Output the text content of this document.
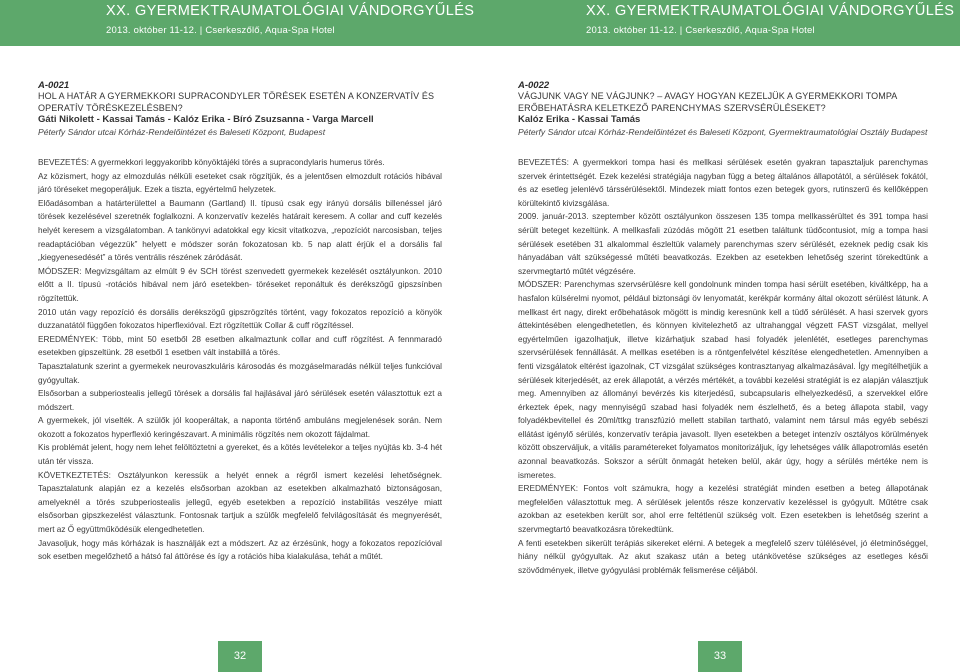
XX. GYERMEKTRAUMATOLÓGIAI VÁNDORGYŰLÉS
2013. október 11-12. | Cserkeszőlő, Aqua-Spa Hotel

A-0021

HOL A HATÁR A GYERMEKKORI SUPRACONDYLER TÖRÉSEK ESETÉN A KONZERVATÍV ÉS OPERATÍV TÖRÉSKEZELÉSBEN?

Gáti Nikolett - Kassai Tamás - Kalóz Erika - Bíró Zsuzsanna - Varga Marcell

Péterfy Sándor utcai Kórház-Rendelőintézet és Baleseti Központ, Budapest

BEVEZETÉS: A gyermekkori leggyakoribb könyöktájéki törés a supracondylaris humerus törés.

Az közismert, hogy az elmozdulás nélküli eseteket csak rögzítjük, és a jelentősen elmozdult rotációs hibával járó töréseket megoperáljuk. Ezek a tiszta, egyértelmű helyzetek.

Előadásomban a határterülettel a Baumann (Gartland) II. típusú csak egy irányú dorsális billenéssel járó törések kezelésével szeretnék foglalkozni. A konzervatív kezelés határait keresem. A collar and cuff kezelés helyét keresem a vizsgálatomban. A tankönyvi adatokkal egy kicsit vitatkozva, „repozíciót narcosisban, teljes readaptációban végezzük” helyett e módszer során fokozatosan kb. 5 nap alatt érjük el a dorsális fal „kiegyenesedését” a törés ventrális részének záródását.

MÓDSZER: Megvizsgáltam az elmúlt 9 év SCH törést szenvedett gyermekek kezelését osztályunkon. 2010 előtt a II. típusú -rotációs hibával nem járó esetekben- töréseket reponáltuk és derékszögű gipszsínben rögzítettük.

2010 után vagy repozíció és dorsális derékszögű gipszrögzítés történt, vagy fokozatos repozíció a könyök duzzanatától függően fokozatos hiperflexióval. Ezt rögzítettük Collar & cuff rögzítéssel.

EREDMÉNYEK: Több, mint 50 esetből 28 esetben alkalmaztunk collar and cuff rögzítést. A fennmaradó esetekben gipszeltünk. 28 esetből 1 esetben vált instabillá a törés.

Tapasztalatunk szerint a gyermekek neurovaszkuláris károsodás és mozgáselmaradás nélkül teljes funkcióval gyógyultak.

Elsősorban a subperiostealis jellegű törések a dorsális fal hajlásával járó sérülések esetén választottuk ezt a módszert.

A gyermekek, jól viselték. A szülők jól kooperáltak, a naponta történő ambuláns megjelenések során. Nem okozott a fokozatos hyperflexió keringészavart. A minimális rögzítés nem okozott fájdalmat.

Kis problémát jelent, hogy nem lehet felöltöztetni a gyereket, és a kötés levételekor a teljes nyújtás kb. 3-4 hét után tér vissza.

KÖVETKEZTETÉS: Osztályunkon keressük a helyét ennek a régről ismert kezelési lehetőségnek. Tapasztalatunk alapján ez a kezelés elsősorban azokban az esetekben alkalmazható biztonságosan, amelyeknél a törés szubperiostealis jellegű, egyéb esetekben a repozíció instabilitás veszélye miatt elsősorban gipszkezelést választunk. Fontosnak tartjuk a szülők megfelelő felvilágosítását és megnyerését, mert az Ő együttműködésük elengedhetetlen.

Javasoljuk, hogy más kórházak is használják ezt a módszert. Az az érzésünk, hogy a fokozatos repozícióval sok esetben megelőzhető a hátsó fal áttörése és így a rotációs hiba kialakulása, tehát a műtét.

32
XX. GYERMEKTRAUMATOLÓGIAI VÁNDORGYŰLÉS
2013. október 11-12. | Cserkeszőlő, Aqua-Spa Hotel

A-0022

VÁGJUNK VAGY NE VÁGJUNK? – AVAGY HOGYAN KEZELJÜK A GYERMEKKORI TOMPA ERŐBEHATÁSRA KELETKEZŐ PARENCHYMAS SZERVSÉRÜLÉSEKET?

Kalóz Erika - Kassai Tamás

Péterfy Sándor utcai Kórház-Rendelőintézet és Baleseti Központ, Gyermektraumatológiai Osztály Budapest

BEVEZETÉS: A gyermekkori tompa hasi és mellkasi sérülések esetén gyakran tapasztaljuk parenchymas szervek érintettségét. Ezek kezelési stratégiája nagyban függ a beteg általános állapotától, a sérülések fokától, és az esetleg jelenlévő társsérülésektől. Mindezek miatt fontos ezen betegek gyors, rutinszerű és kellőképpen körültekintő kivizsgálása.

2009. január-2013. szeptember között osztályunkon összesen 135 tompa mellkassérültet és 391 tompa hasi sérült beteget kezeltünk. A mellkasfali zúzódás mögött 21 esetben találtunk tüdőcontusiot, míg a tompa hasi sérülések esetében 31 alkalommal észleltük valamely parenchymas szerv sérülését, ezeknek pedig csak kis hányadában vált szükségessé műtéti beavatkozás. Ezekben az esetekben lehetőség szerint törekedtünk a szervmegtartó műtét végzésére.

MÓDSZER: Parenchymas szervsérülésre kell gondolnunk minden tompa hasi sérült esetében, kiváltképp, ha a hasfalon külsérelmi nyomot, például biztonsági öv lenyomatát, kerékpár kormány által okozott sérülést látunk. A mellkast ért nagy, direkt erőbehatások mögött is mindig keresnünk kell a tüdő sérülését. A hasi szervek gyors áttekintésében elengedhetetlen, és könnyen kivitelezhető az ultrahanggal végzett FAST vizsgálat, mellyel egyértelműen igazolhatjuk, illetve kizárhatjuk szabad hasi folyadék jelenlétét, esetleges parenchymas szervsérülések fennállását. A mellkas esetében is a röntgenfelvétel készítése elengedhetetlen. Amennyiben a fenti vizsgálatok eltérést igazolnak, CT vizsgálat szükséges kontrasztanyag alkalmazásával. Így megítélhetjük a sérülések kiterjedését, az erek állapotát, a vérzés mértékét, a további kezelési stratégiát is ez alapján választjuk meg. Amennyiben az állományi bevérzés kis kiterjedésű, subcapsularis elhelyezkedésű, a szervekkel előre érkeztek épek, nagy mennyiségű szabad hasi folyadék nem észlelhető, és a beteg állapota stabil, vagy folyadékbevitellel és 20ml/ttkg transzfúzió mellett stabilan tartható, valamint nem társul más egyéb sebészi ellátást igénylő sérülés, konzervatív terápia javasolt. Ilyen esetekben a beteget intenzív osztályos körülmények között obszerváljuk, a vitális paramétereket folyamatos monitorizáljuk, így lehetséges válik állapotromlás esetén azonnal beavatkozás. Sokszor a sérült önmagát heteken belül, akár úgy, hogy a sérülés mértéke nem is ismeretes.

EREDMÉNYEK: Fontos volt számukra, hogy a kezelési stratégiát minden esetben a beteg állapotának megfelelően választottuk meg. A sérülések jelentős része konzervatív kezeléssel is gyógyult. Műtétre csak azokban az esetekben került sor, ahol erre feltétlenül szükség volt. Ezen esetekben is lehetőség szerint a szervmegtartó beavatkozásra törekedtünk.

A fenti esetekben sikerült terápiás sikereket elérni. A betegek a megfelelő szerv túlélésével, jó életminőséggel, hiány nélkül gyógyultak. Az akut szakasz után a beteg utánkövetése szükséges az esetleges késői szövődmények, illetve gyógyulási problémák felismerése céljából.

33
